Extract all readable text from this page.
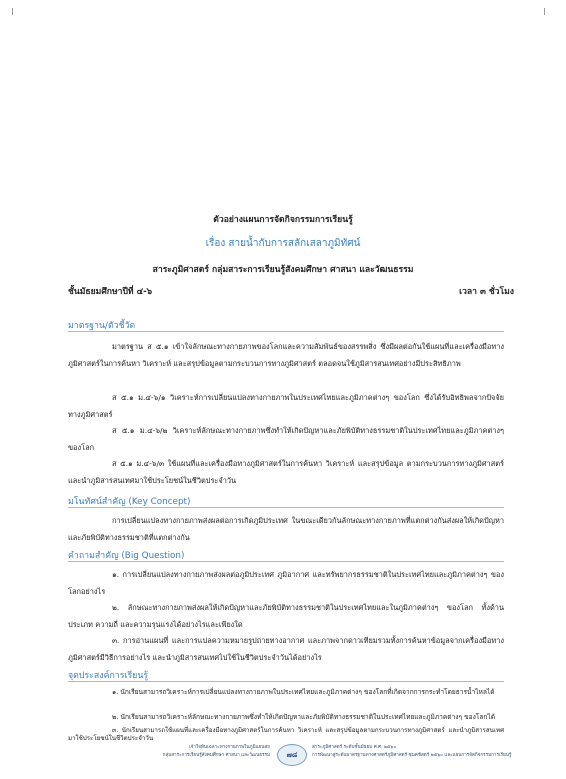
ตัวอย่างแผนการจัดกิจกรรมการเรียนรู้
เรื่อง สายน้ำกับการสลักเสลาภูมิทัศน์
สาระภูมิศาสตร์ กลุ่มสาระการเรียนรู้สังคมศึกษา ศาสนา และวัฒนธรรม
ชั้นมัธยมศึกษาปีที่ ๔-๖	เวลา ๓ ชั่วโมง
มาตรฐาน/ตัวชี้วัด
มาตรฐาน ส ๕.๑ เข้าใจลักษณะทางกายภาพของโลกและความสัมพันธ์ของสรรพสิ่ง ซึ่งมีผลต่อกันใช้แผนที่และเครื่องมือทางภูมิศาสตร์ในการค้นหา วิเคราะห์ และสรุปข้อมูลตามกระบวนการทางภูมิศาสตร์ ตลอดจนใช้ภูมิสารสนเทศอย่างมีประสิทธิภาพ
ส ๕.๑ ม.๔-๖/๑ วิเคราะห์การเปลี่ยนแปลงทางกายภาพในประเทศไทยและภูมิภาคต่างๆ ของโลก ซึ่งได้รับอิทธิพลจากปัจจัยทางภูมิศาสตร์
ส ๕.๑ ม.๔-๖/๒ วิเคราะห์ลักษณะทางกายภาพซึ่งทำให้เกิดปัญหาและภัยพิบัติทางธรรมชาติในประเทศไทยและภูมิภาคต่างๆ ของโลก
ส ๕.๑ ม.๔-๖/๓ ใช้แผนที่และเครื่องมือทางภูมิศาสตร์ในการค้นหา วิเคราะห์ และสรุปข้อมูล ตามกระบวนการทางภูมิศาสตร์ และนำภูมิสารสนเทศมาใช้ประโยชน์ในชีวิตประจำวัน
มโนทัศน์สำคัญ (Key Concept)
การเปลี่ยนแปลงทางกายภาพส่งผลต่อการเกิดภูมิประเทศ ในขณะเดียวกันลักษณะทางกายภาพที่แตกต่างกันส่งผลให้เกิดปัญหาและภัยพิบัติทางธรรมชาติที่แตกต่างกัน
คำถามสำคัญ (Big Question)
๑. การเปลี่ยนแปลงทางกายภาพส่งผลต่อภูมิประเทศ ภูมิอากาศ และทรัพยากรธรรมชาติในประเทศไทยและภูมิภาคต่างๆ ของโลกอย่างไร
๒. ลักษณะทางกายภาพส่งผลให้เกิดปัญหาและภัยพิบัติทางธรรมชาติในประเทศไทยและในภูมิภาคต่างๆ ของโลก ทั้งด้านประเภท ความถี่ และความรุนแรงได้อย่างไรและเพียงใด
๓. การอ่านแผนที่ และการแปลความหมายรูปถ่ายทางอากาศ และภาพจากดาวเทียมรวมทั้งการค้นหาข้อมูลจากเครื่องมือทางภูมิศาสตร์มีวิธีการอย่างไร และนำภูมิสารสนเทศไปใช้ในชีวิตประจำวันได้อย่างไร
จุดประสงค์การเรียนรู้
๑. นักเรียนสามารถวิเคราะห์การเปลี่ยนแปลงทางกายภาพในประเทศไทยและภูมิภาคต่างๆ ของโลกที่เกิดจากการกระทำโดยธารน้ำไหลได้
๒. นักเรียนสามารถวิเคราะห์ลักษณะทางกายภาพซึ่งทำให้เกิดปัญหาและภัยพิบัติทางธรรมชาติในประเทศไทยและภูมิภาคต่างๆ ของโลกได้
๓. นักเรียนสามารถใช้แผนที่และเครื่องมือทางภูมิศาสตร์ในการค้นหา วิเคราะห์ และสรุปข้อมูลตามกระบวนการทางภูมิศาสตร์ และนำภูมิสารสนเทศมาใช้ประโยชน์ในชีวิตประจำวัน
เจ้าใจทันเฉลาะทางกายภาพในภูมิแผนสถ
กลุ่มสาระการเรียนรู้สังคมศึกษา ศาสนา และวัฒนธรรม	๗๘
สาระภูมิศาสตร์ ระดับชั้นมัธยม ศ.ศ. ๒๕๖๐
การพัฒนาสู่ระดับมาตรฐานทางศาสตร์ภูมิศาสตร์ ซุนคชัสตร์ ๒๕๖๐ และแผนการจัดกิจกรรมการเรียนรู้
